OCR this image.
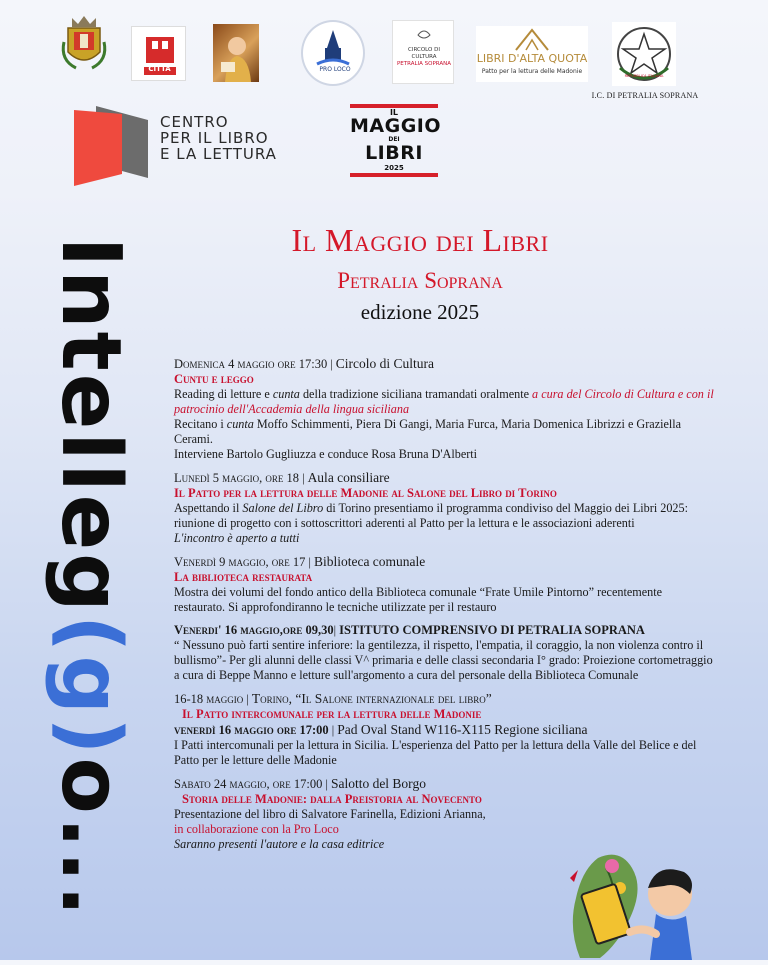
CITTÀ	PRO LOCO
CIRCOLO DI
CULTURA
PETRALIA SOPRANA	LIBRI D'ALTA QUOTA
Patto per la lettura delle Madonie
REPUBBLICA ITALIANA
I.C. DI PETRALIA SOPRANA
CENTRO
PER IL LIBRO
E LA LETTURA
IL
MAGGIO
DEI
LIBRI
2025
Intelleg(g)o...
Il Maggio dei Libri
Petralia Soprana
edizione 2025
Domenica 4 maggio ore 17:30 | Circolo di Cultura
Cuntu e leggo
Reading di letture e cunta della tradizione siciliana tramandati oralmente a cura del Circolo di Cultura e con il patrocinio dell'Accademia della lingua siciliana
Recitano i cunta Moffo Schimmenti, Piera Di Gangi, Maria Furca, Maria Domenica Librizzi e Graziella Cerami.
Interviene Bartolo Gugliuzza e conduce Rosa Bruna D'Alberti
Lunedì 5 maggio, ore 18 | Aula consiliare
Il Patto per la lettura delle Madonie al Salone del Libro di Torino
Aspettando il Salone del Libro di Torino presentiamo il programma condiviso del Maggio dei Libri 2025: riunione di progetto con i sottoscrittori aderenti al Patto per la lettura e le associazioni aderenti
L'incontro è aperto a tutti
Venerdì 9 maggio, ore 17 | Biblioteca comunale
La biblioteca restaurata
Mostra dei volumi del fondo antico della Biblioteca comunale “Frate Umile Pintorno” recentemente restaurato. Si approfondiranno le tecniche utilizzate per il restauro
Venerdi' 16 maggio,ore 09,30| ISTITUTO COMPRENSIVO DI PETRALIA SOPRANA
“ Nessuno può farti sentire inferiore: la gentilezza, il rispetto, l'empatia, il coraggio, la non violenza contro il bullismo”- Per gli alunni delle classi V^ primaria e delle classi secondaria I° grado: Proiezione cortometraggio a cura di Beppe Manno e letture sull'argomento a cura del personale della Biblioteca Comunale
16-18 maggio | Torino, “Il Salone internazionale del libro”
Il Patto intercomunale per la lettura delle Madonie
venerdì 16 maggio ore 17:00 | Pad Oval Stand W116-X115 Regione siciliana
I Patti intercomunali per la lettura in Sicilia. L'esperienza del Patto per la lettura della Valle del Belice e del Patto per le letture delle Madonie
Sabato 24 maggio, ore 17:00 | Salotto del Borgo
Storia delle Madonie: dalla Preistoria al Novecento
Presentazione del libro di Salvatore Farinella, Edizioni Arianna,
in collaborazione con la Pro Loco
Saranno presenti l'autore e la casa editrice
